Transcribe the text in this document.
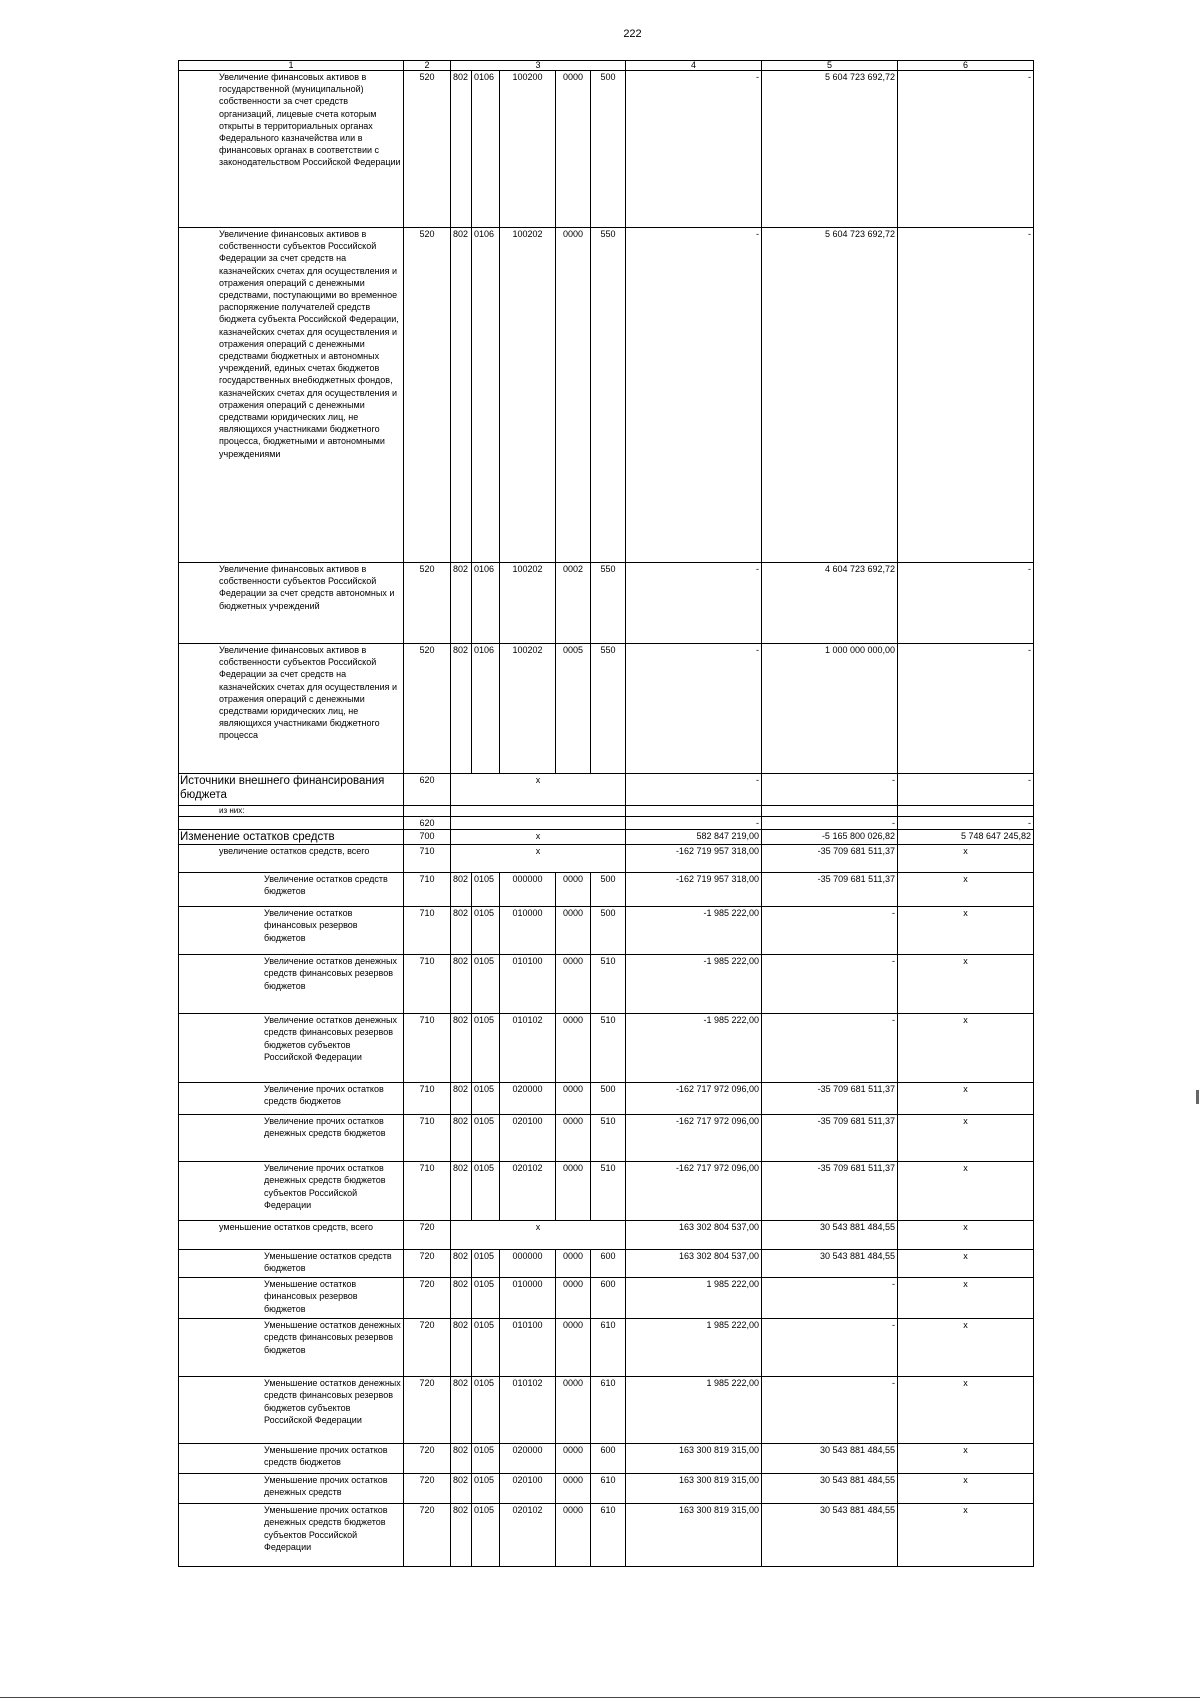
222
1	2	3					4	5	6
Увеличение финансовых активов в государственной (муниципальной) собственности за счет средств организаций, лицевые счета которым открыты в территориальных органах Федерального казначейства или в финансовых органах в соответствии с законодательством Российской Федерации	520	802	0106	100200	0000	500	-	5 604 723 692,72	-
Увеличение финансовых активов в собственности субъектов Российской Федерации за счет средств на казначейских счетах для осуществления и отражения операций с денежными средствами, поступающими во временное распоряжение получателей средств бюджета субъекта Российской Федерации, казначейских счетах для осуществления и отражения операций с денежными средствами бюджетных и автономных учреждений, единых счетах бюджетов государственных внебюджетных фондов, казначейских счетах для осуществления и отражения операций с денежными средствами юридических лиц, не являющихся участниками бюджетного процесса, бюджетными и автономными учреждениями	520	802	0106	100202	0000	550	-	5 604 723 692,72	-
Увеличение финансовых активов в собственности субъектов Российской Федерации за счет средств автономных и бюджетных учреждений	520	802	0106	100202	0002	550	-	4 604 723 692,72	-
Увеличение финансовых активов в собственности субъектов Российской Федерации за счет средств на казначейских счетах для осуществления и отражения операций с денежными средствами юридических лиц, не являющихся участниками бюджетного процесса	520	802	0106	100202	0005	550	-	1 000 000 000,00	-
Источники внешнего финансирования бюджета	620	x					-	-	-
из них:									
	620						-	-	-
Изменение остатков средств	700	x					582 847 219,00	-5 165 800 026,82	5 748 647 245,82
увеличение остатков средств, всего	710	x					-162 719 957 318,00	-35 709 681 511,37	x
Увеличение остатков средств бюджетов	710	802	0105	000000	0000	500	-162 719 957 318,00	-35 709 681 511,37	x
Увеличение остатков финансовых резервов бюджетов	710	802	0105	010000	0000	500	-1 985 222,00	-	x
Увеличение остатков денежных средств финансовых резервов бюджетов	710	802	0105	010100	0000	510	-1 985 222,00	-	x
Увеличение остатков денежных средств финансовых резервов бюджетов субъектов Российской Федерации	710	802	0105	010102	0000	510	-1 985 222,00	-	x
Увеличение прочих остатков средств бюджетов	710	802	0105	020000	0000	500	-162 717 972 096,00	-35 709 681 511,37	x
Увеличение прочих остатков денежных средств бюджетов	710	802	0105	020100	0000	510	-162 717 972 096,00	-35 709 681 511,37	x
Увеличение прочих остатков денежных средств бюджетов субъектов Российской Федерации	710	802	0105	020102	0000	510	-162 717 972 096,00	-35 709 681 511,37	x
уменьшение остатков средств, всего	720	x					163 302 804 537,00	30 543 881 484,55	x
Уменьшение остатков средств бюджетов	720	802	0105	000000	0000	600	163 302 804 537,00	30 543 881 484,55	x
Уменьшение остатков финансовых резервов бюджетов	720	802	0105	010000	0000	600	1 985 222,00	-	x
Уменьшение остатков денежных средств финансовых резервов бюджетов	720	802	0105	010100	0000	610	1 985 222,00	-	x
Уменьшение остатков денежных средств финансовых резервов бюджетов субъектов Российской Федерации	720	802	0105	010102	0000	610	1 985 222,00	-	x
Уменьшение прочих остатков средств бюджетов	720	802	0105	020000	0000	600	163 300 819 315,00	30 543 881 484,55	x
Уменьшение прочих остатков денежных средств	720	802	0105	020100	0000	610	163 300 819 315,00	30 543 881 484,55	x
Уменьшение прочих остатков денежных средств бюджетов субъектов Российской Федерации	720	802	0105	020102	0000	610	163 300 819 315,00	30 543 881 484,55	x
